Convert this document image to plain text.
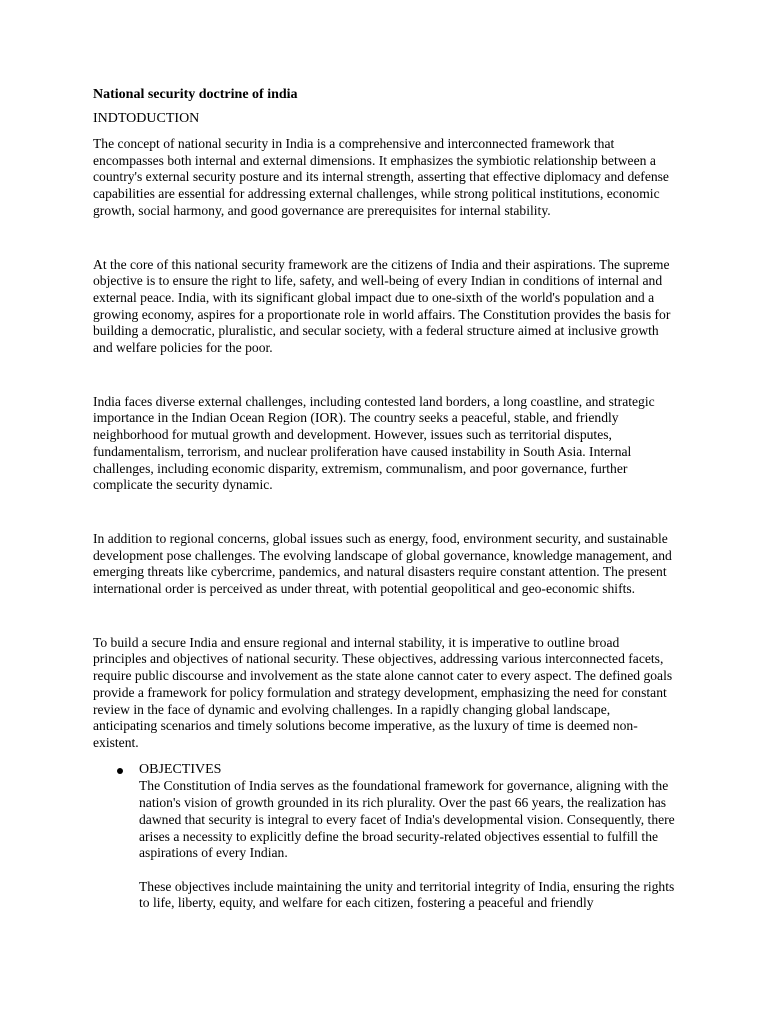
National security doctrine of india
INDTODUCTION

The concept of national security in India is a comprehensive and interconnected framework that encompasses both internal and external dimensions. It emphasizes the symbiotic relationship between a country's external security posture and its internal strength, asserting that effective diplomacy and defense capabilities are essential for addressing external challenges, while strong political institutions, economic growth, social harmony, and good governance are prerequisites for internal stability.

At the core of this national security framework are the citizens of India and their aspirations. The supreme objective is to ensure the right to life, safety, and well-being of every Indian in conditions of internal and external peace. India, with its significant global impact due to one-sixth of the world's population and a growing economy, aspires for a proportionate role in world affairs. The Constitution provides the basis for building a democratic, pluralistic, and secular society, with a federal structure aimed at inclusive growth and welfare policies for the poor.

India faces diverse external challenges, including contested land borders, a long coastline, and strategic importance in the Indian Ocean Region (IOR). The country seeks a peaceful, stable, and friendly neighborhood for mutual growth and development. However, issues such as territorial disputes, fundamentalism, terrorism, and nuclear proliferation have caused instability in South Asia. Internal challenges, including economic disparity, extremism, communalism, and poor governance, further complicate the security dynamic.

In addition to regional concerns, global issues such as energy, food, environment security, and sustainable development pose challenges. The evolving landscape of global governance, knowledge management, and emerging threats like cybercrime, pandemics, and natural disasters require constant attention. The present international order is perceived as under threat, with potential geopolitical and geo-economic shifts.

To build a secure India and ensure regional and internal stability, it is imperative to outline broad principles and objectives of national security. These objectives, addressing various interconnected facets, require public discourse and involvement as the state alone cannot cater to every aspect. The defined goals provide a framework for policy formulation and strategy development, emphasizing the need for constant review in the face of dynamic and evolving challenges. In a rapidly changing global landscape, anticipating scenarios and timely solutions become imperative, as the luxury of time is deemed non-existent.

OBJECTIVES

The Constitution of India serves as the foundational framework for governance, aligning with the nation's vision of growth grounded in its rich plurality. Over the past 66 years, the realization has dawned that security is integral to every facet of India's developmental vision. Consequently, there arises a necessity to explicitly define the broad security-related objectives essential to fulfill the aspirations of every Indian.

These objectives include maintaining the unity and territorial integrity of India, ensuring the rights to life, liberty, equity, and welfare for each citizen, fostering a peaceful and friendly
